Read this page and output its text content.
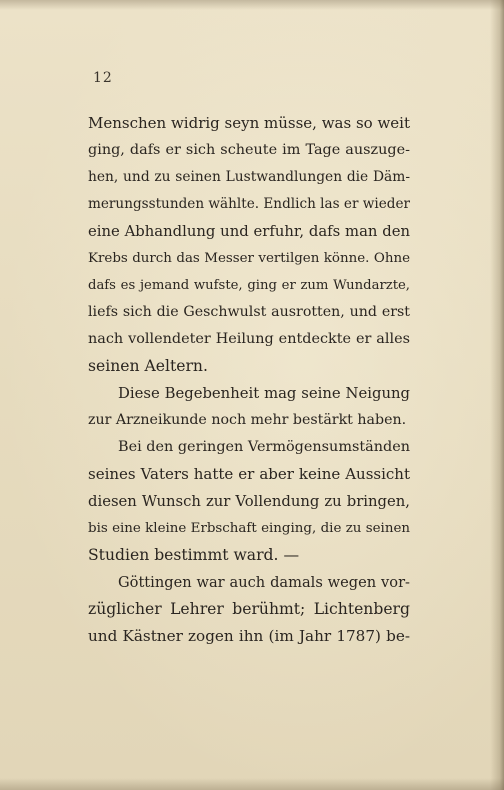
12
Menschen widrig seyn müsse, was so weit
ging, dafs er sich scheute im Tage auszuge-
hen, und zu seinen Lustwandlungen die Däm-
merungsstunden wählte. Endlich las er wieder
eine Abhandlung und erfuhr, dafs man den
Krebs durch das Messer vertilgen könne. Ohne
dafs es jemand wufste, ging er zum Wundarzte,
liefs sich die Geschwulst ausrotten, und erst
nach vollendeter Heilung entdeckte er alles
seinen Aeltern.
Diese Begebenheit mag seine Neigung
zur Arzneikunde noch mehr bestärkt haben.
Bei den geringen Vermögensumständen
seines Vaters hatte er aber keine Aussicht
diesen Wunsch zur Vollendung zu bringen,
bis eine kleine Erbschaft einging, die zu seinen
Studien bestimmt ward. —
Göttingen war auch damals wegen vor-
züglicher Lehrer berühmt; Lichtenberg
und Kästner zogen ihn (im Jahr 1787) be-
